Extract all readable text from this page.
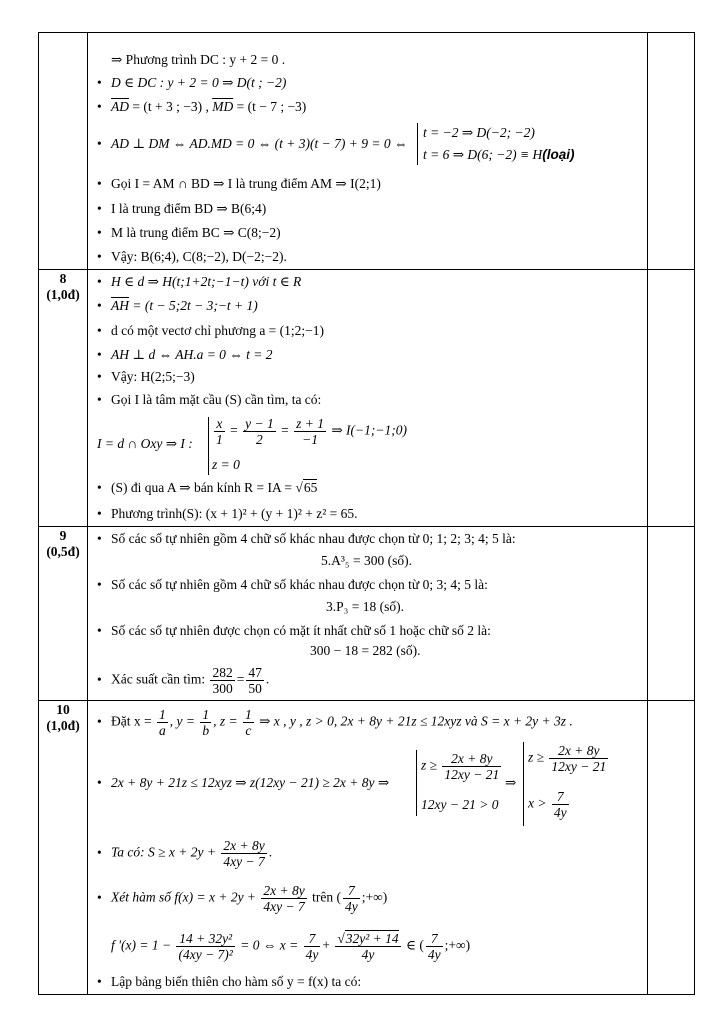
8
(1,0đ)
9
(0,5đ)
10
(1,0đ)
⇒ Phương trình DC : y + 2 = 0 .
• D ∈ DC : y + 2 = 0 ⇒ D(t ; −2)
• $\overline{AD} = (t + 3$ ; −3) , $\overline{MD} = (t - 7$ ; −3)
• AD ⊥ DM ⇔ AD.MD = 0 ⇔ (t + 3)(t − 7) + 9 = 0 ⇔
t = −2 ⇒ D(−2; −2)
t = 6 ⇒ D(6; −2) ≡ H(loại)
• Gọi I = AM ∩ BD ⇒ I là trung điểm AM ⇒ I(2;1)
• I là trung điểm BD ⇒ B(6;4)
• M là trung điểm BC ⇒ C(8;−2)
• Vậy: B(6;4), C(8;−2), D(−2;−2).
• H ∈ d ⇒ H(t;1+2t;−1−t) với t ∈ R
• $\overline{AH} = (t$ − 5;2t − 3;−t + 1)
• d có một vectơ chỉ phương a = (1;2;−1)
• AH ⊥ d ⇔ AH.a = 0 ⇔ t = 2
• Vậy: H(2;5;−3)
• Gọi I là tâm mặt cầu (S) cần tìm, ta có:
I = d ∩ Oxy ⇒ I : $\frac{x}{1} = \frac{y - 1}{2} = \frac{z + 1}{-1}$ ⇒ I(−1;−1;0)
z = 0
• (S) đi qua A ⇒ bán kính R = IA = √65
• Phương trình(S): (x + 1)² + (y + 1)² + z² = 65.
• Số các số tự nhiên gồm 4 chữ số khác nhau được chọn từ 0; 1; 2; 3; 4; 5 là:
5.A³₅ = 300 (số).
• Số các số tự nhiên gồm 4 chữ số khác nhau được chọn từ 0; 3; 4; 5 là:
3.P₃ = 18 (số).
• Số các số tự nhiên được chọn có mặt ít nhất chữ số 1 hoặc chữ số 2 là:
300 − 18 = 282 (số).
• Xác suất cần tìm: $\frac{282}{300} = \frac{47}{50}$ .
• Đặt $x = \frac{1}{a}$ , $y = \frac{1}{b}$ , $z = \frac{1}{c}$ ⇒ x , y , z > 0, 2x + 8y + 21z ≤ 12xyz và S = x + 2y + 3z .
• 2x + 8y + 21z ≤ 12xyz ⇒ z(12xy − 21) ≥ 2x + 8y ⇒
$z \ge \frac{2x + 8y}{12xy - 21}$
12xy − 21 > 0
⇒
$z \ge \frac{2x + 8y}{12xy - 21}$
$x > \frac{7}{4y}$
• Ta có: $S \ge x + 2y + \frac{2x + 8y}{4xy - 7}$ .
• Xét hàm số $f(x) = x + 2y + \frac{2x + 8y}{4xy - 7}$ trên ( $\frac{7}{4y}$ ;+∞)
f '$(x) = 1 - \frac{\text{14 + 32y²}}{\text{(4xy − 7)²}} = 0$ ⇔ $x = \frac{7}{4y} + \frac{\text{√32y² + 14}}{4y}$ ∈ ( $\frac{7}{4y}$ ;+∞)
• Lập bảng biến thiên cho hàm số y = f(x) ta có:
